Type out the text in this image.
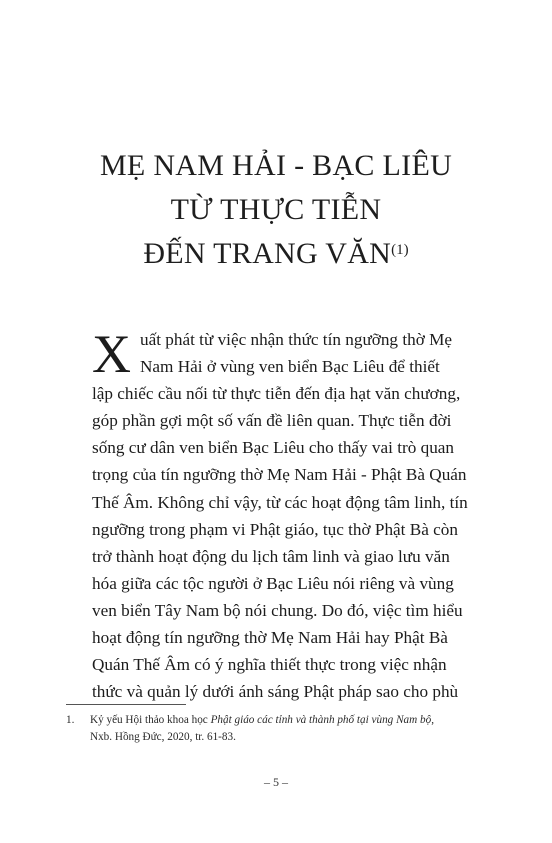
MẸ NAM HẢI - BẠC LIÊU
TỪ THỰC TIỄN
ĐẾN TRANG VĂN$^{(1)}$
X uất phát từ việc nhận thức tín ngưỡng thờ Mẹ
Nam Hải ở vùng ven biển Bạc Liêu để thiết
lập chiếc cầu nối từ thực tiễn đến địa hạt văn chương,
góp phần gợi một số vấn đề liên quan. Thực tiễn đời
sống cư dân ven biển Bạc Liêu cho thấy vai trò quan
trọng của tín ngưỡng thờ Mẹ Nam Hải - Phật Bà Quán
Thế Âm. Không chỉ vậy, từ các hoạt động tâm linh, tín
ngưỡng trong phạm vi Phật giáo, tục thờ Phật Bà còn
trở thành hoạt động du lịch tâm linh và giao lưu văn
hóa giữa các tộc người ở Bạc Liêu nói riêng và vùng
ven biển Tây Nam bộ nói chung. Do đó, việc tìm hiểu
hoạt động tín ngưỡng thờ Mẹ Nam Hải hay Phật Bà
Quán Thế Âm có ý nghĩa thiết thực trong việc nhận
thức và quản lý dưới ánh sáng Phật pháp sao cho phù
1. Kỷ yếu Hội thảo khoa học Phật giáo các tỉnh và thành phố tại vùng Nam bộ,
Nxb. Hồng Đức, 2020, tr. 61-83.
– 5 –
